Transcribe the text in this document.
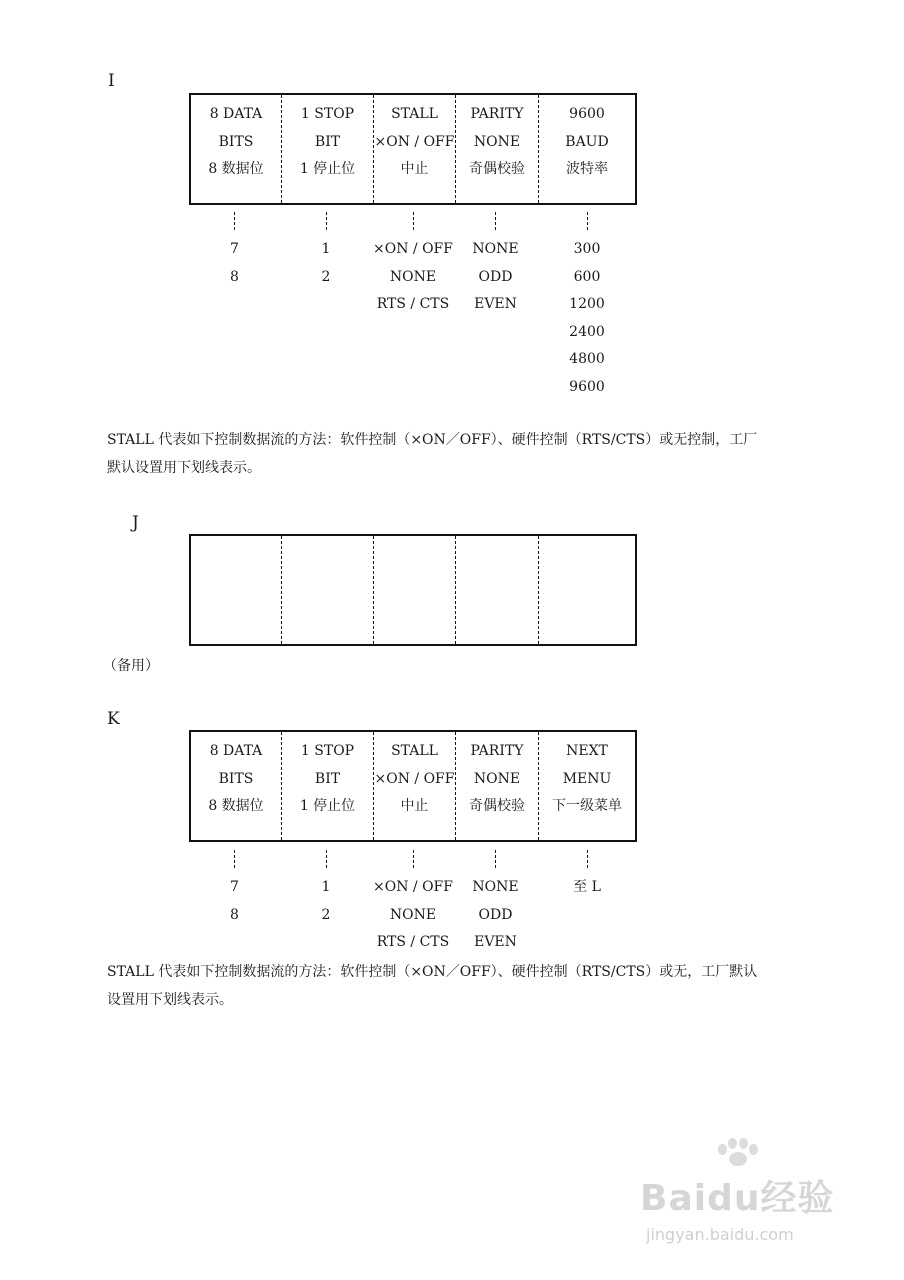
I
8 DATA
BITS
8 数据位
1 STOP
BIT
1 停止位
STALL
×ON / OFF
中止
PARITY
NONE
奇偶校验
9600
BAUD
波特率
7
8
1
2
×ON / OFF
NONE
RTS / CTS
NONE
ODD
EVEN
300
600
1200
2400
4800
9600
STALL 代表如下控制数据流的方法：软件控制（×ON／OFF）、硬件控制（RTS/CTS）或无控制，工厂
默认设置用下划线表示。
J
（备用）
K
8 DATA
BITS
8 数据位
1 STOP
BIT
1 停止位
STALL
×ON / OFF
中止
PARITY
NONE
奇偶校验
NEXT
MENU
下一级菜单
7
8
1
2
×ON / OFF
NONE
RTS / CTS
NONE
ODD
EVEN
至 L
STALL 代表如下控制数据流的方法：软件控制（×ON／OFF）、硬件控制（RTS/CTS）或无，工厂默认
设置用下划线表示。
Baidu经验
jingyan.baidu.com
